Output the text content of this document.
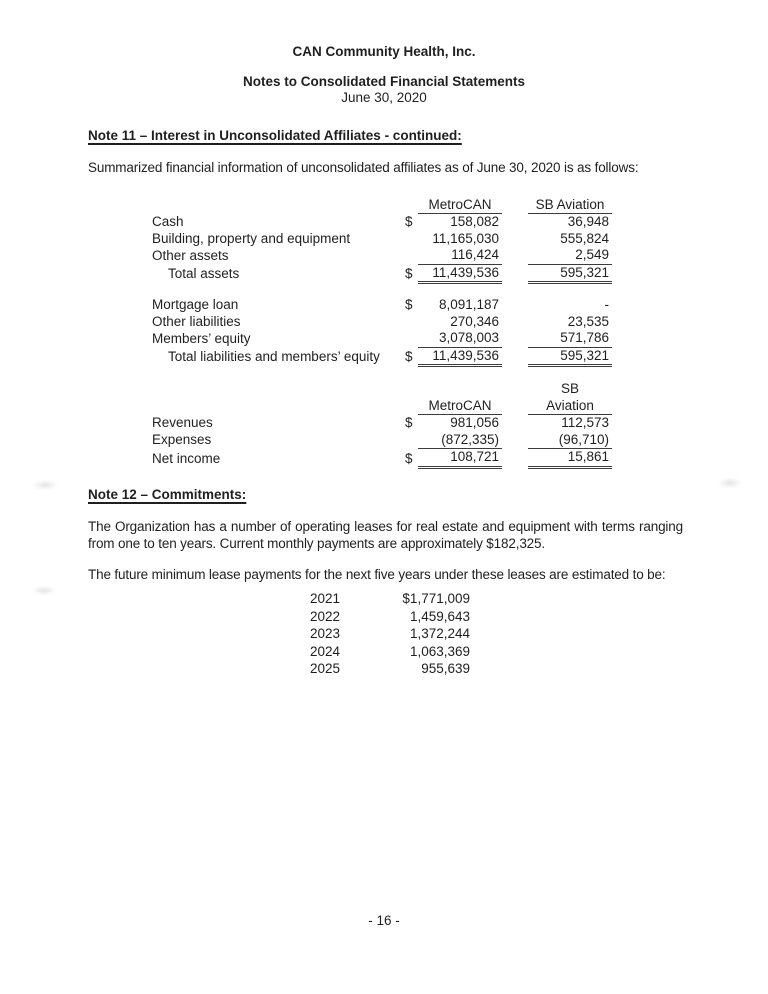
CAN Community Health, Inc.
Notes to Consolidated Financial Statements
June 30, 2020
Note 11 – Interest in Unconsolidated Affiliates - continued:
Summarized financial information of unconsolidated affiliates as of June 30, 2020 is as follows:
		MetroCAN		SB Aviation
Cash	$	158,082		36,948
Building, property and equipment		11,165,030		555,824
Other assets		116,424		2,549
Total assets	$	11,439,536		595,321
Mortgage loan	$	8,091,187		-
Other liabilities		270,346		23,535
Members’ equity		3,078,003		571,786
Total liabilities and members’ equity	$	11,439,536		595,321
				SB
		MetroCAN		Aviation

Revenues	$	981,056		112,573
Expenses		(872,335)		(96,710)

Net income	$	108,721		15,861
Note 12 – Commitments:
The Organization has a number of operating leases for real estate and equipment with terms ranging from one to ten years. Current monthly payments are approximately $182,325.
The future minimum lease payments for the next five years under these leases are estimated to be:
2021	$1,771,009
2022	1,459,643
2023	1,372,244
2024	1,063,369
2025	955,639
- 16 -
